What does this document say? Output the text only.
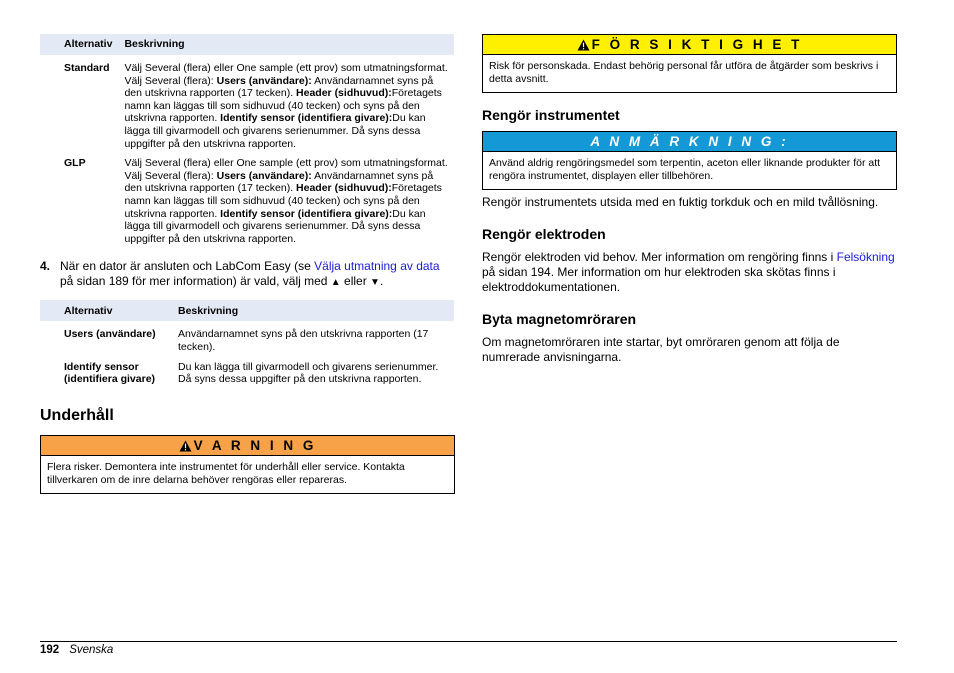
Alternativ	Beskrivning
Standard	Välj Several (flera) eller One sample (ett prov) som utmatningsformat. Välj Several (flera): Users (användare): Användarnamnet syns på den utskrivna rapporten (17 tecken). Header (sidhuvud):Företagets namn kan läggas till som sidhuvud (40 tecken) och syns på den utskrivna rapporten. Identify sensor (identifiera givare):Du kan lägga till givarmodell och givarens serienummer. Då syns dessa uppgifter på den utskrivna rapporten.
GLP	Välj Several (flera) eller One sample (ett prov) som utmatningsformat. Välj Several (flera): Users (användare): Användarnamnet syns på den utskrivna rapporten (17 tecken). Header (sidhuvud):Företagets namn kan läggas till som sidhuvud (40 tecken) och syns på den utskrivna rapporten. Identify sensor (identifiera givare):Du kan lägga till givarmodell och givarens serienummer. Då syns dessa uppgifter på den utskrivna rapporten.
4. När en dator är ansluten och LabCom Easy (se Välja utmatning av data på sidan 189 för mer information) är vald, välj med ▲ eller ▼.
Alternativ	Beskrivning
Users (användare)	Användarnamnet syns på den utskrivna rapporten (17 tecken).
Identify sensor (identifiera givare)	Du kan lägga till givarmodell och givarens serienummer. Då syns dessa uppgifter på den utskrivna rapporten.
Underhåll
V A R N I N G
Flera risker. Demontera inte instrumentet för underhåll eller service. Kontakta tillverkaren om de inre delarna behöver rengöras eller repareras.
F Ö R S I K T I G H E T
Risk för personskada. Endast behörig personal får utföra de åtgärder som beskrivs i detta avsnitt.
Rengör instrumentet
A N M Ä R K N I N G :
Använd aldrig rengöringsmedel som terpentin, aceton eller liknande produkter för att rengöra instrumentet, displayen eller tillbehören.

Rengör instrumentets utsida med en fuktig torkduk och en mild tvållösning.

Rengör elektroden

Rengör elektroden vid behov. Mer information om rengöring finns i Felsökning på sidan 194. Mer information om hur elektroden ska skötas finns i elektroddokumentationen.

Byta magnetomröraren

Om magnetomröraren inte startar, byt omröraren genom att följa de numrerade anvisningarna.

192 Svenska
